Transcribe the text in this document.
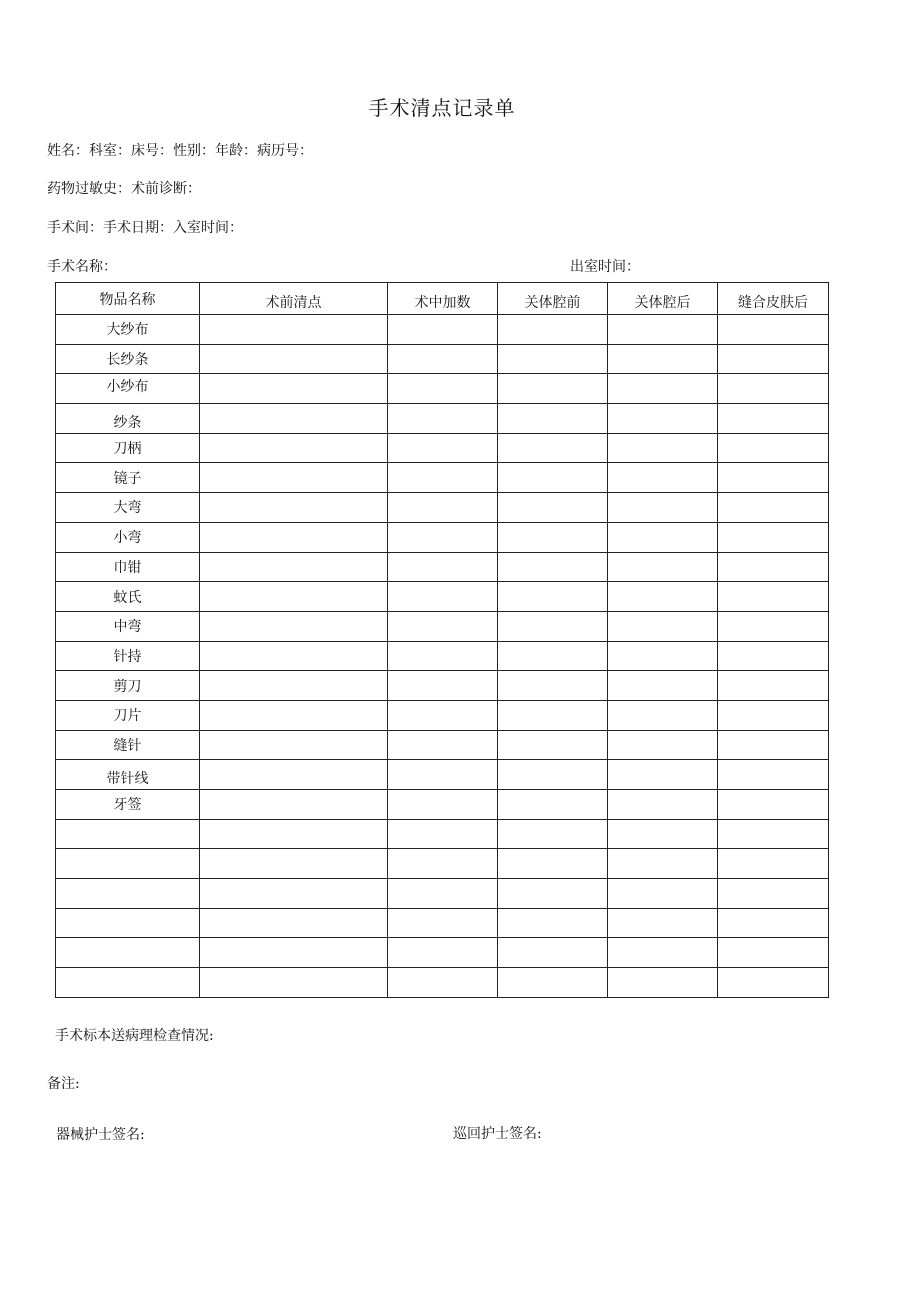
手术清点记录单
姓名：科室：床号：性别：年龄：病历号：
药物过敏史：术前诊断：
手术间：手术日期：入室时间：
手术名称：	出室时间：
物品名称	术前清点	术中加数	关体腔前	关体腔后	缝合皮肤后
大纱布					
长纱条					
小纱布					
纱条					
刀柄					
镜子					
大弯					
小弯					
巾钳					
蚊氏					
中弯					
针持					
剪刀					
刀片					
缝针					
带针线					
牙签					

手术标本送病理检查情况:
备注:
器械护士签名:	巡回护士签名:
